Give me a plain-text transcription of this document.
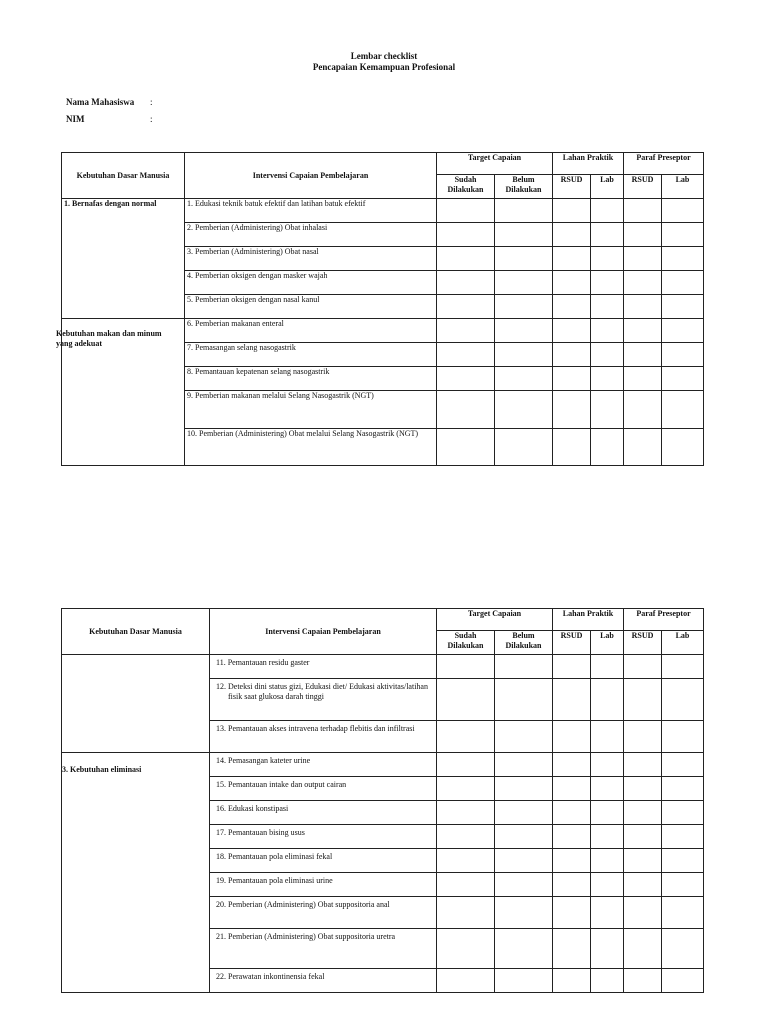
Lembar checklist
Pencapaian Kemampuan Profesional
Nama Mahasiswa :
NIM	:
Kebutuhan Dasar Manusia	Intervensi Capaian Pembelajaran	Target Capaian		Lahan Praktik		Paraf Preseptor	
		Sudah Dilakukan	Belum Dilakukan	RSUD	Lab	RSUD	Lab
1. Bernafas dengan normal	1. Edukasi teknik batuk efektif dan latihan batuk efektif						
	2. Pemberian (Administering) Obat inhalasi						
	3. Pemberian (Administering) Obat nasal						
	4. Pemberian oksigen dengan masker wajah						
	5. Pemberian oksigen dengan nasal kanul						

Kebutuhan makan dan minum yang adekuat	6. Pemberian makanan enteral						
	7. Pemasangan selang nasogastrik						
	8. Pemantauan kepatenan selang nasogastrik						
	9. Pemberian makanan melalui Selang Nasogastrik (NGT)						
	10. Pemberian (Administering) Obat melalui Selang Nasogastrik (NGT)						
Kebutuhan Dasar Manusia	Intervensi Capaian Pembelajaran	Target Capaian		Lahan Praktik		Paraf Preseptor	
		Sudah Dilakukan	Belum Dilakukan	RSUD	Lab	RSUD	Lab
	11. Pemantauan residu gaster						
	12. Deteksi dini status gizi, Edukasi diet/ Edukasi aktivitas/latihan fisik saat glukosa darah tinggi						
	13. Pemantauan akses intravena terhadap flebitis dan infiltrasi						

3. Kebutuhan eliminasi	14. Pemasangan kateter urine						
	15. Pemantauan intake dan output cairan						
	16. Edukasi konstipasi						
	17. Pemantauan bising usus						
	18. Pemantauan pola eliminasi fekal						
	19. Pemantauan pola eliminasi urine						
	20. Pemberian (Administering) Obat suppositoria anal						
	21. Pemberian (Administering) Obat suppositoria uretra						
	22. Perawatan inkontinensia fekal						
